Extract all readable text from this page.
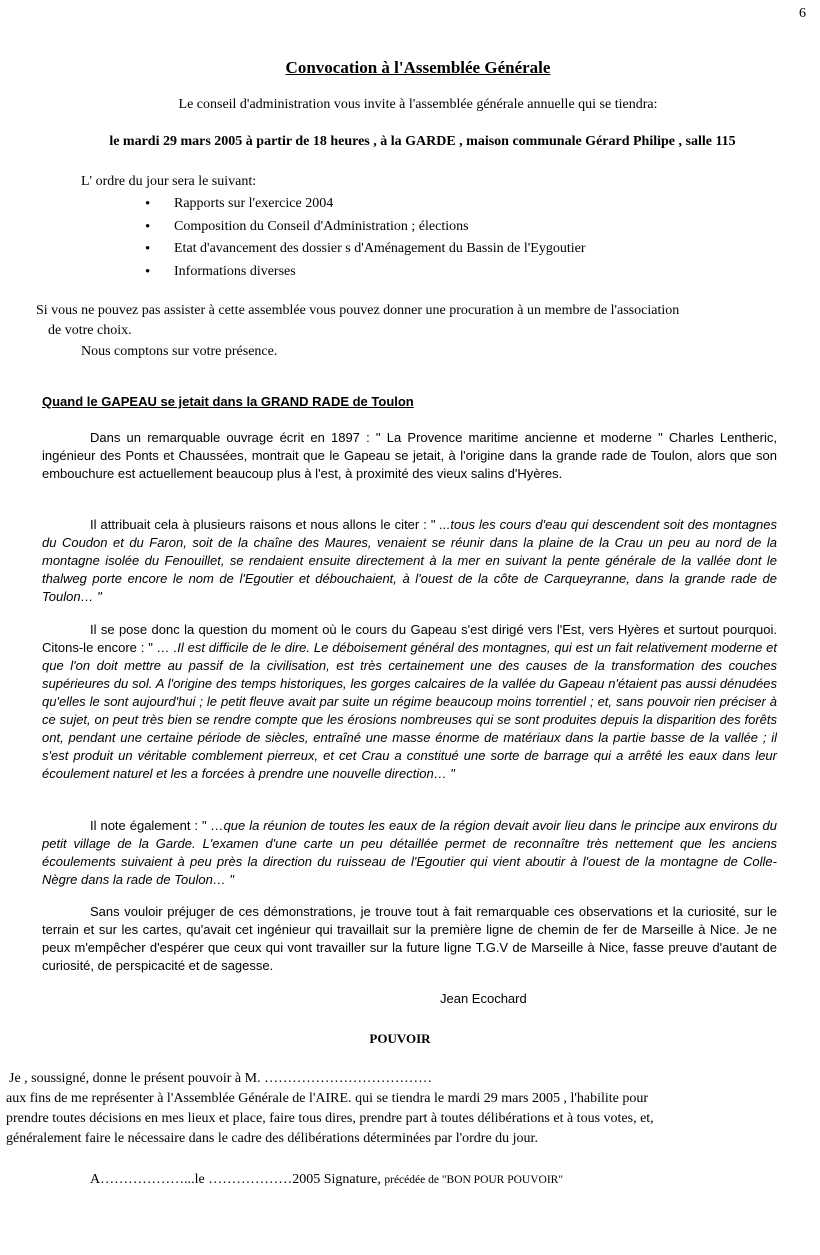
6
Convocation à l'Assemblée Générale
Le conseil d'administration vous invite à l'assemblée générale annuelle qui se tiendra:
le mardi 29 mars 2005 à partir de 18 heures , à la GARDE , maison communale Gérard Philipe , salle 115
L' ordre du jour sera le suivant:
• Rapports sur l'exercice 2004
• Composition du Conseil d'Administration ; élections
• Etat d'avancement des dossier s d'Aménagement du Bassin de l'Eygoutier
• Informations diverses
Si vous ne pouvez pas assister à cette assemblée vous pouvez donner une procuration à un membre de l'association
de votre choix.
Nous comptons sur votre présence.
Quand le GAPEAU se jetait dans la GRAND RADE de Toulon

Dans un remarquable ouvrage écrit en 1897 : " La Provence maritime ancienne et moderne " Charles Lentheric, ingénieur des Ponts et Chaussées, montrait que le Gapeau se jetait, à l'origine dans la grande rade de Toulon, alors que son embouchure est actuellement beaucoup plus à l'est, à proximité des vieux salins d'Hyères.

Il attribuait cela à plusieurs raisons et nous allons le citer : " ...tous les cours d'eau qui descendent soit des montagnes du Coudon et du Faron, soit de la chaîne des Maures, venaient se réunir dans la plaine de la Crau un peu au nord de la montagne isolée du Fenouillet, se rendaient ensuite directement à la mer en suivant la pente générale de la vallée dont le thalweg porte encore le nom de l'Egoutier et débouchaient, à l'ouest de la côte de Carqueyranne, dans la grande rade de Toulon… "

Il se pose donc la question du moment où le cours du Gapeau s'est dirigé vers l'Est, vers Hyères et surtout pourquoi. Citons-le encore : " … .Il est difficile de le dire. Le déboisement général des montagnes, qui est un fait relativement moderne et que l'on doit mettre au passif de la civilisation, est très certainement une des causes de la transformation des couches supérieures du sol. A l'origine des temps historiques, les gorges calcaires de la vallée du Gapeau n'étaient pas aussi dénudées qu'elles le sont aujourd'hui ; le petit fleuve avait par suite un régime beaucoup moins torrentiel ; et, sans pouvoir rien préciser à ce sujet, on peut très bien se rendre compte que les érosions nombreuses qui se sont produites depuis la disparition des forêts ont, pendant une certaine période de siècles, entraîné une masse énorme de matériaux dans la partie basse de la vallée ; il s'est produit un véritable comblement pierreux, et cet Crau a constitué une sorte de barrage qui a arrêté les eaux dans leur écoulement naturel et les a forcées à prendre une nouvelle direction… "

Il note également : " …que la réunion de toutes les eaux de la région devait avoir lieu dans le principe aux environs du petit village de la Garde. L'examen d'une carte un peu détaillée permet de reconnaître très nettement que les anciens écoulements suivaient à peu près la direction du ruisseau de l'Egoutier qui vient aboutir à l'ouest de la montagne de Colle-Nègre dans la rade de Toulon… "

Sans vouloir préjuger de ces démonstrations, je trouve tout à fait remarquable ces observations et la curiosité, sur le terrain et sur les cartes, qu'avait cet ingénieur qui travaillait sur la première ligne de chemin de fer de Marseille à Nice. Je ne peux m'empêcher d'espérer que ceux qui vont travailler sur la future ligne T.G.V de Marseille à Nice, fasse preuve d'autant de curiosité, de perspicacité et de sagesse.

Jean Ecochard
POUVOIR
Je , soussigné, donne le présent pouvoir à M. ………………………………
aux fins de me représenter à l'Assemblée Générale de l'AIRE. qui se tiendra le mardi 29 mars 2005 , l'habilite pour
prendre toutes décisions en mes lieux et place, faire tous dires, prendre part à toutes délibérations et à tous votes, et,
généralement faire le nécessaire dans le cadre des délibérations déterminées par l'ordre du jour.
A………………...le ………………2005 Signature, précédée de "BON POUR POUVOIR"
